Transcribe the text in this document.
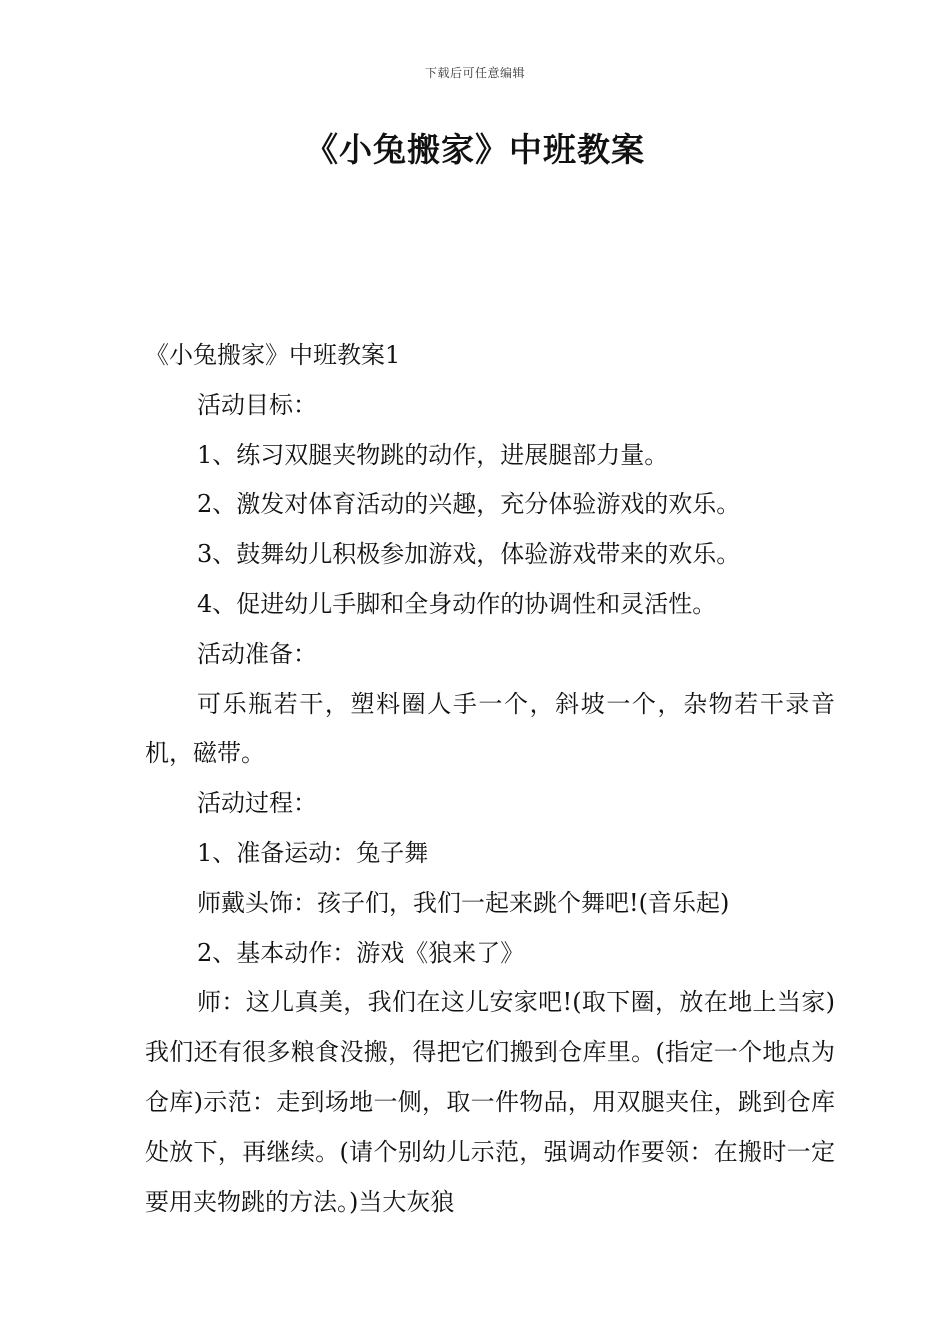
下载后可任意编辑
《小兔搬家》中班教案

《小兔搬家》中班教案1

活动目标：

1、练习双腿夹物跳的动作，进展腿部力量。

2、激发对体育活动的兴趣，充分体验游戏的欢乐。

3、鼓舞幼儿积极参加游戏，体验游戏带来的欢乐。

4、促进幼儿手脚和全身动作的协调性和灵活性。

活动准备：

可乐瓶若干，塑料圈人手一个，斜坡一个，杂物若干录音机，磁带。

活动过程：

1、准备运动：兔子舞

师戴头饰：孩子们，我们一起来跳个舞吧!(音乐起)

2、基本动作：游戏《狼来了》

师：这儿真美，我们在这儿安家吧!(取下圈，放在地上当家)我们还有很多粮食没搬，得把它们搬到仓库里。(指定一个地点为仓库)示范：走到场地一侧，取一件物品，用双腿夹住，跳到仓库处放下，再继续。(请个别幼儿示范，强调动作要领：在搬时一定要用夹物跳的方法。)当大灰狼
